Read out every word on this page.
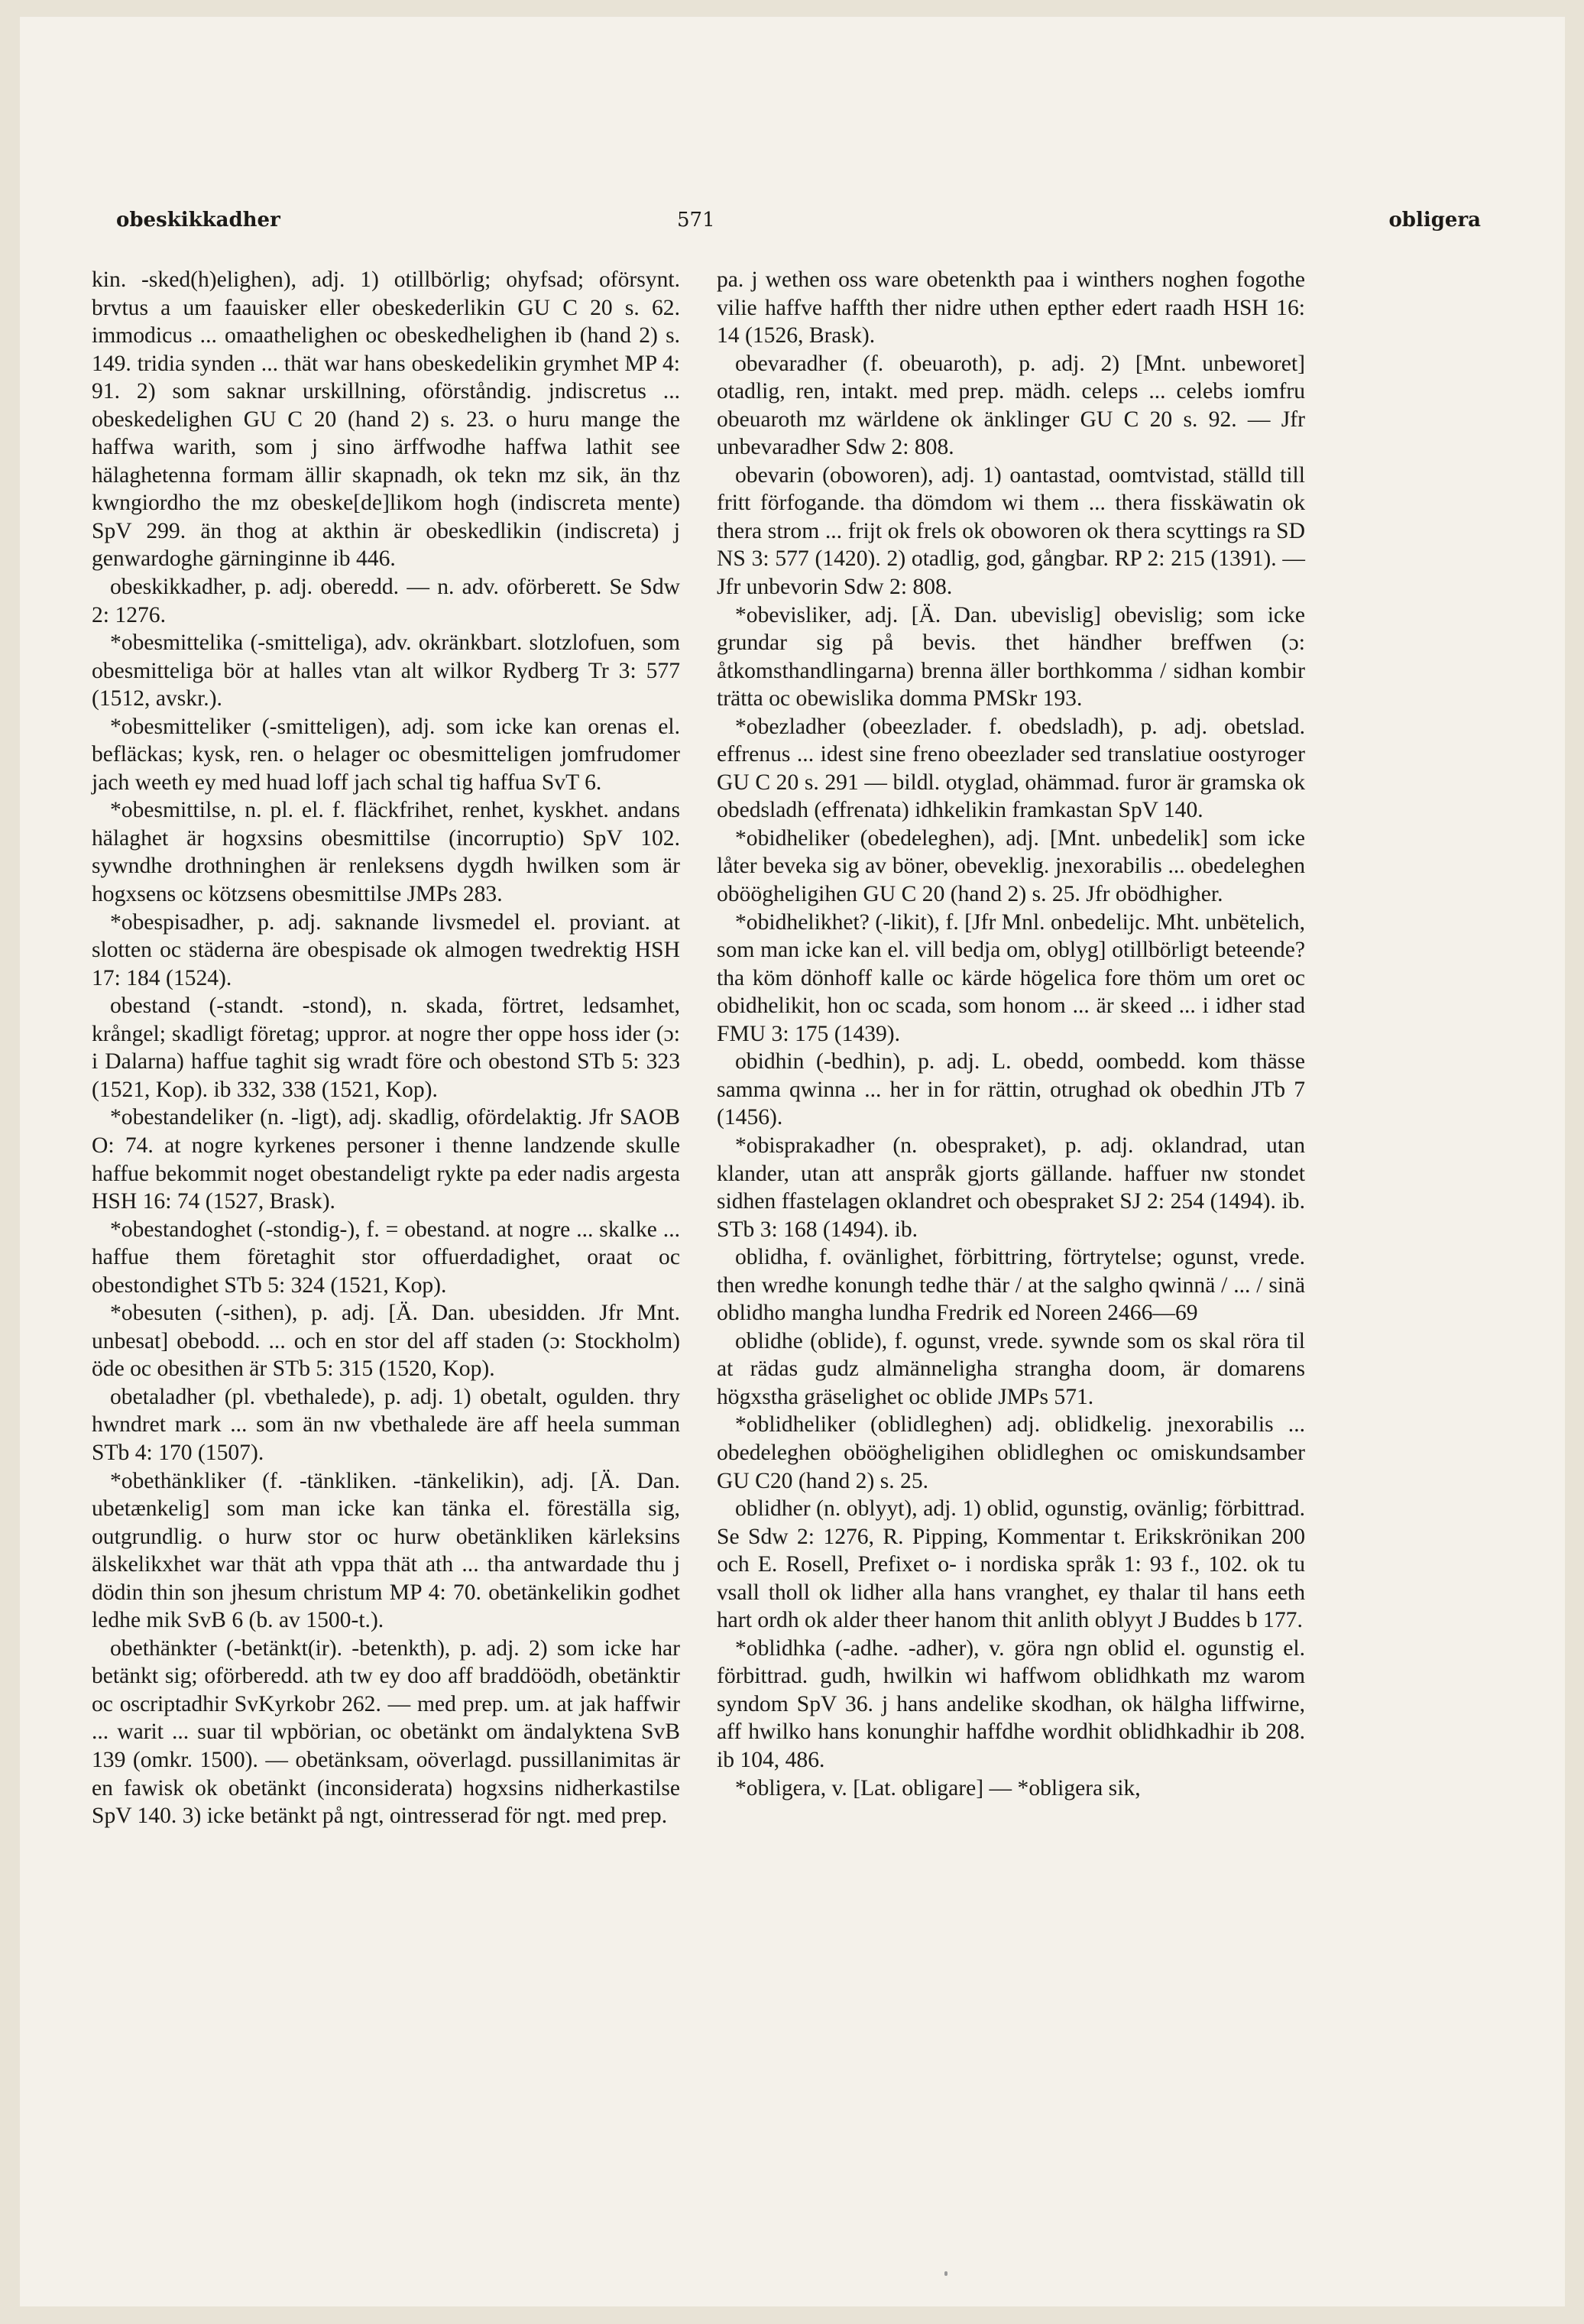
obeskikkadher	571	obligera

kin. -sked(h)elighen), adj. 1) otillbörlig; ohyfsad; oförsynt. brvtus a um faauisker eller obeskederlikin GU C 20 s. 62. immodicus ... omaathelighen oc obeskedhelighen ib (hand 2) s. 149. tridia synden ... thät war hans obeskedelikin grymhet MP 4: 91. 2) som saknar urskillning, oförståndig. jndiscretus ... obeskedelighen GU C 20 (hand 2) s. 23. o huru mange the haffwa warith, som j sino ärffwodhe haffwa lathit see hälaghetenna formam ällir skapnadh, ok tekn mz sik, än thz kwngiordho the mz obeske[de]likom hogh (indiscreta mente) SpV 299. än thog at akthin är obeskedlikin (indiscreta) j genwardoghe gärninginne ib 446.

obeskikkadher, p. adj. oberedd. — n. adv. oförberett. Se Sdw 2: 1276.

*obesmittelika (-smitteliga), adv. okränkbart. slotzlofuen, som obesmitteliga bör at halles vtan alt wilkor Rydberg Tr 3: 577 (1512, avskr.).

*obesmitteliker (-smitteligen), adj. som icke kan orenas el. befläckas; kysk, ren. o helager oc obesmitteligen jomfrudomer jach weeth ey med huad loff jach schal tig haffua SvT 6.

*obesmittilse, n. pl. el. f. fläckfrihet, renhet, kyskhet. andans hälaghet är hogxsins obesmittilse (incorruptio) SpV 102. sywndhe drothninghen är renleksens dygdh hwilken som är hogxsens oc kötzsens obesmittilse JMPs 283.

*obespisadher, p. adj. saknande livsmedel el. proviant. at slotten oc städerna äre obespisade ok almogen twedrektig HSH 17: 184 (1524).

obestand (-standt. -stond), n. skada, förtret, ledsamhet, krångel; skadligt företag; uppror. at nogre ther oppe hoss ider (ɔ: i Dalarna) haffue taghit sig wradt före och obestond STb 5: 323 (1521, Kop). ib 332, 338 (1521, Kop).

*obestandeliker (n. -ligt), adj. skadlig, ofördelaktig. Jfr SAOB O: 74. at nogre kyrkenes personer i thenne landzende skulle haffue bekommit noget obestandeligt rykte pa eder nadis argesta HSH 16: 74 (1527, Brask).

*obestandoghet (-stondig-), f. = obestand. at nogre ... skalke ... haffue them företaghit stor offuerdadighet, oraat oc obestondighet STb 5: 324 (1521, Kop).

*obesuten (-sithen), p. adj. [Ä. Dan. ubesidden. Jfr Mnt. unbesat] obebodd. ... och en stor del aff staden (ɔ: Stockholm) öde oc obesithen är STb 5: 315 (1520, Kop).

obetaladher (pl. vbethalede), p. adj. 1) obetalt, ogulden. thry hwndret mark ... som än nw vbethalede äre aff heela summan STb 4: 170 (1507).

*obethänkliker (f. -tänkliken. -tänkelikin), adj. [Ä. Dan. ubetænkelig] som man icke kan tänka el. föreställa sig, outgrundlig. o hurw stor oc hurw obetänkliken kärleksins älskelikxhet war thät ath vppa thät ath ... tha antwardade thu j dödin thin son jhesum christum MP 4: 70. obetänkelikin godhet ledhe mik SvB 6 (b. av 1500-t.).

obethänkter (-betänkt(ir). -betenkth), p. adj. 2) som icke har betänkt sig; oförberedd. ath tw ey doo aff braddöödh, obetänktir oc oscriptadhir SvKyrkobr 262. — med prep. um. at jak haffwir ... warit ... suar til wpbörian, oc obetänkt om ändalyktena SvB 139 (omkr. 1500). — obetänksam, oöverlagd. pussillanimitas är en fawisk ok obetänkt (inconsiderata) hogxsins nidherkastilse SpV 140. 3) icke betänkt på ngt, ointresserad för ngt. med prep.

pa. j wethen oss ware obetenkth paa i winthers noghen fogothe vilie haffve haffth ther nidre uthen epther edert raadh HSH 16: 14 (1526, Brask).

obevaradher (f. obeuaroth), p. adj. 2) [Mnt. unbeworet] otadlig, ren, intakt. med prep. mädh. celeps ... celebs iomfru obeuaroth mz wärldene ok änklinger GU C 20 s. 92. — Jfr unbevaradher Sdw 2: 808.

obevarin (oboworen), adj. 1) oantastad, oomtvistad, ställd till fritt förfogande. tha dömdom wi them ... thera fisskäwatin ok thera strom ... frijt ok frels ok oboworen ok thera scyttings ra SD NS 3: 577 (1420). 2) otadlig, god, gångbar. RP 2: 215 (1391). — Jfr unbevorin Sdw 2: 808.

*obevisliker, adj. [Ä. Dan. ubevislig] obevislig; som icke grundar sig på bevis. thet händher breffwen (ɔ: åtkomsthandlingarna) brenna äller borthkomma / sidhan kombir trätta oc obewislika domma PMSkr 193.

*obezladher (obeezlader. f. obedsladh), p. adj. obetslad. effrenus ... idest sine freno obeezlader sed translatiue oostyroger GU C 20 s. 291 — bildl. otyglad, ohämmad. furor är gramska ok obedsladh (effrenata) idhkelikin framkastan SpV 140.

*obidheliker (obedeleghen), adj. [Mnt. unbedelik] som icke låter beveka sig av böner, obeveklig. jnexorabilis ... obedeleghen oböögheligihen GU C 20 (hand 2) s. 25. Jfr obödhigher.

*obidhelikhet? (-likit), f. [Jfr Mnl. onbedelijc. Mht. unbëtelich, som man icke kan el. vill bedja om, oblyg] otillbörligt beteende? tha köm dönhoff kalle oc kärde högelica fore thöm um oret oc obidhelikit, hon oc scada, som honom ... är skeed ... i idher stad FMU 3: 175 (1439).

obidhin (-bedhin), p. adj. L. obedd, oombedd. kom thässe samma qwinna ... her in for rättin, otrughad ok obedhin JTb 7 (1456).

*obisprakadher (n. obespraket), p. adj. oklandrad, utan klander, utan att anspråk gjorts gällande. haffuer nw stondet sidhen ffastelagen oklandret och obespraket SJ 2: 254 (1494). ib. STb 3: 168 (1494). ib.

oblidha, f. ovänlighet, förbittring, förtrytelse; ogunst, vrede. then wredhe konungh tedhe thär / at the salgho qwinnä / ... / sinä oblidho mangha lundha Fredrik ed Noreen 2466—69

oblidhe (oblide), f. ogunst, vrede. sywnde som os skal röra til at rädas gudz almänneligha strangha doom, är domarens högxstha gräselighet oc oblide JMPs 571.

*oblidheliker (oblidleghen) adj. oblidkelig. jnexorabilis ... obedeleghen oböögheligihen oblidleghen oc omiskundsamber GU C20 (hand 2) s. 25.

oblidher (n. oblyyt), adj. 1) oblid, ogunstig, ovänlig; förbittrad. Se Sdw 2: 1276, R. Pipping, Kommentar t. Erikskrönikan 200 och E. Rosell, Prefixet o- i nordiska språk 1: 93 f., 102. ok tu vsall tholl ok lidher alla hans vranghet, ey thalar til hans eeth hart ordh ok alder theer hanom thit anlith oblyyt J Buddes b 177.

*oblidhka (-adhe. -adher), v. göra ngn oblid el. ogunstig el. förbittrad. gudh, hwilkin wi haffwom oblidhkath mz warom syndom SpV 36. j hans andelike skodhan, ok hälgha liffwirne, aff hwilko hans konunghir haffdhe wordhit oblidhkadhir ib 208. ib 104, 486.

*obligera, v. [Lat. obligare] — *obligera sik,
